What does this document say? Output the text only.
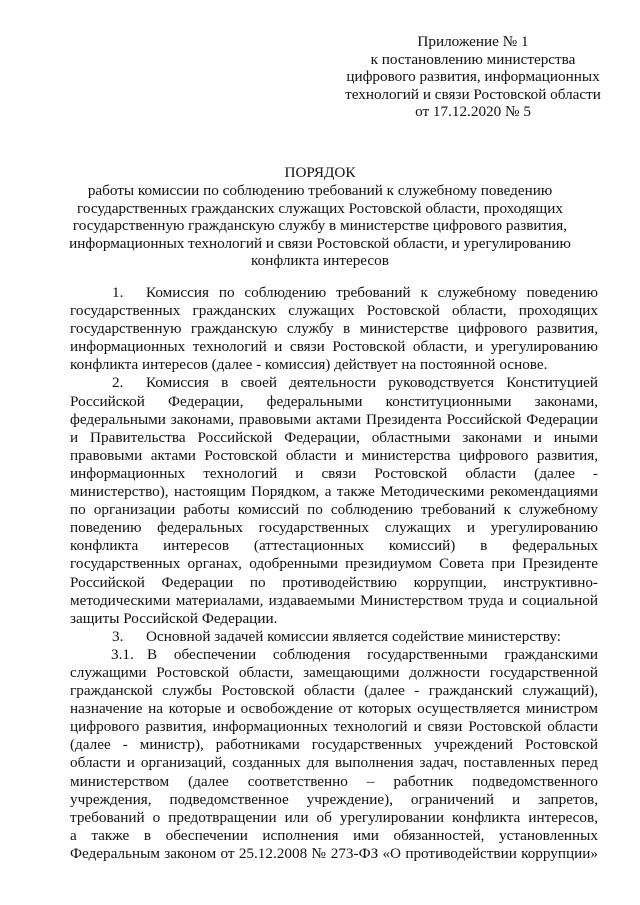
Приложение № 1
к постановлению министерства
цифрового развития, информационных
технологий и связи Ростовской области
от 17.12.2020 № 5
ПОРЯДОК
работы комиссии по соблюдению требований к служебному поведению
государственных гражданских служащих Ростовской области, проходящих
государственную гражданскую службу в министерстве цифрового развития,
информационных технологий и связи Ростовской области, и урегулированию
конфликта интересов
1. Комиссия по соблюдению требований к служебному поведению
государственных гражданских служащих Ростовской области, проходящих
государственную гражданскую службу в министерстве цифрового развития,
информационных технологий и связи Ростовской области, и урегулированию
конфликта интересов (далее - комиссия) действует на постоянной основе.
2. Комиссия в своей деятельности руководствуется Конституцией
Российской Федерации, федеральными конституционными законами,
федеральными законами, правовыми актами Президента Российской Федерации
и Правительства Российской Федерации, областными законами и иными
правовыми актами Ростовской области и министерства цифрового развития,
информационных технологий и связи Ростовской области (далее -
министерство), настоящим Порядком, а также Методическими рекомендациями
по организации работы комиссий по соблюдению требований к служебному
поведению федеральных государственных служащих и урегулированию
конфликта интересов (аттестационных комиссий) в федеральных
государственных органах, одобренными президиумом Совета при Президенте
Российской Федерации по противодействию коррупции, инструктивно-
методическими материалами, издаваемыми Министерством труда и социальной
защиты Российской Федерации.
3. Основной задачей комиссии является содействие министерству:
3.1. В обеспечении соблюдения государственными гражданскими
служащими Ростовской области, замещающими должности государственной
гражданской службы Ростовской области (далее - гражданский служащий),
назначение на которые и освобождение от которых осуществляется министром
цифрового развития, информационных технологий и связи Ростовской области
(далее - министр), работниками государственных учреждений Ростовской
области и организаций, созданных для выполнения задач, поставленных перед
министерством (далее соответственно – работник подведомственного
учреждения, подведомственное учреждение), ограничений и запретов,
требований о предотвращении или об урегулировании конфликта интересов,
а также в обеспечении исполнения ими обязанностей, установленных
Федеральным законом от 25.12.2008 № 273-ФЗ «О противодействии коррупции»
